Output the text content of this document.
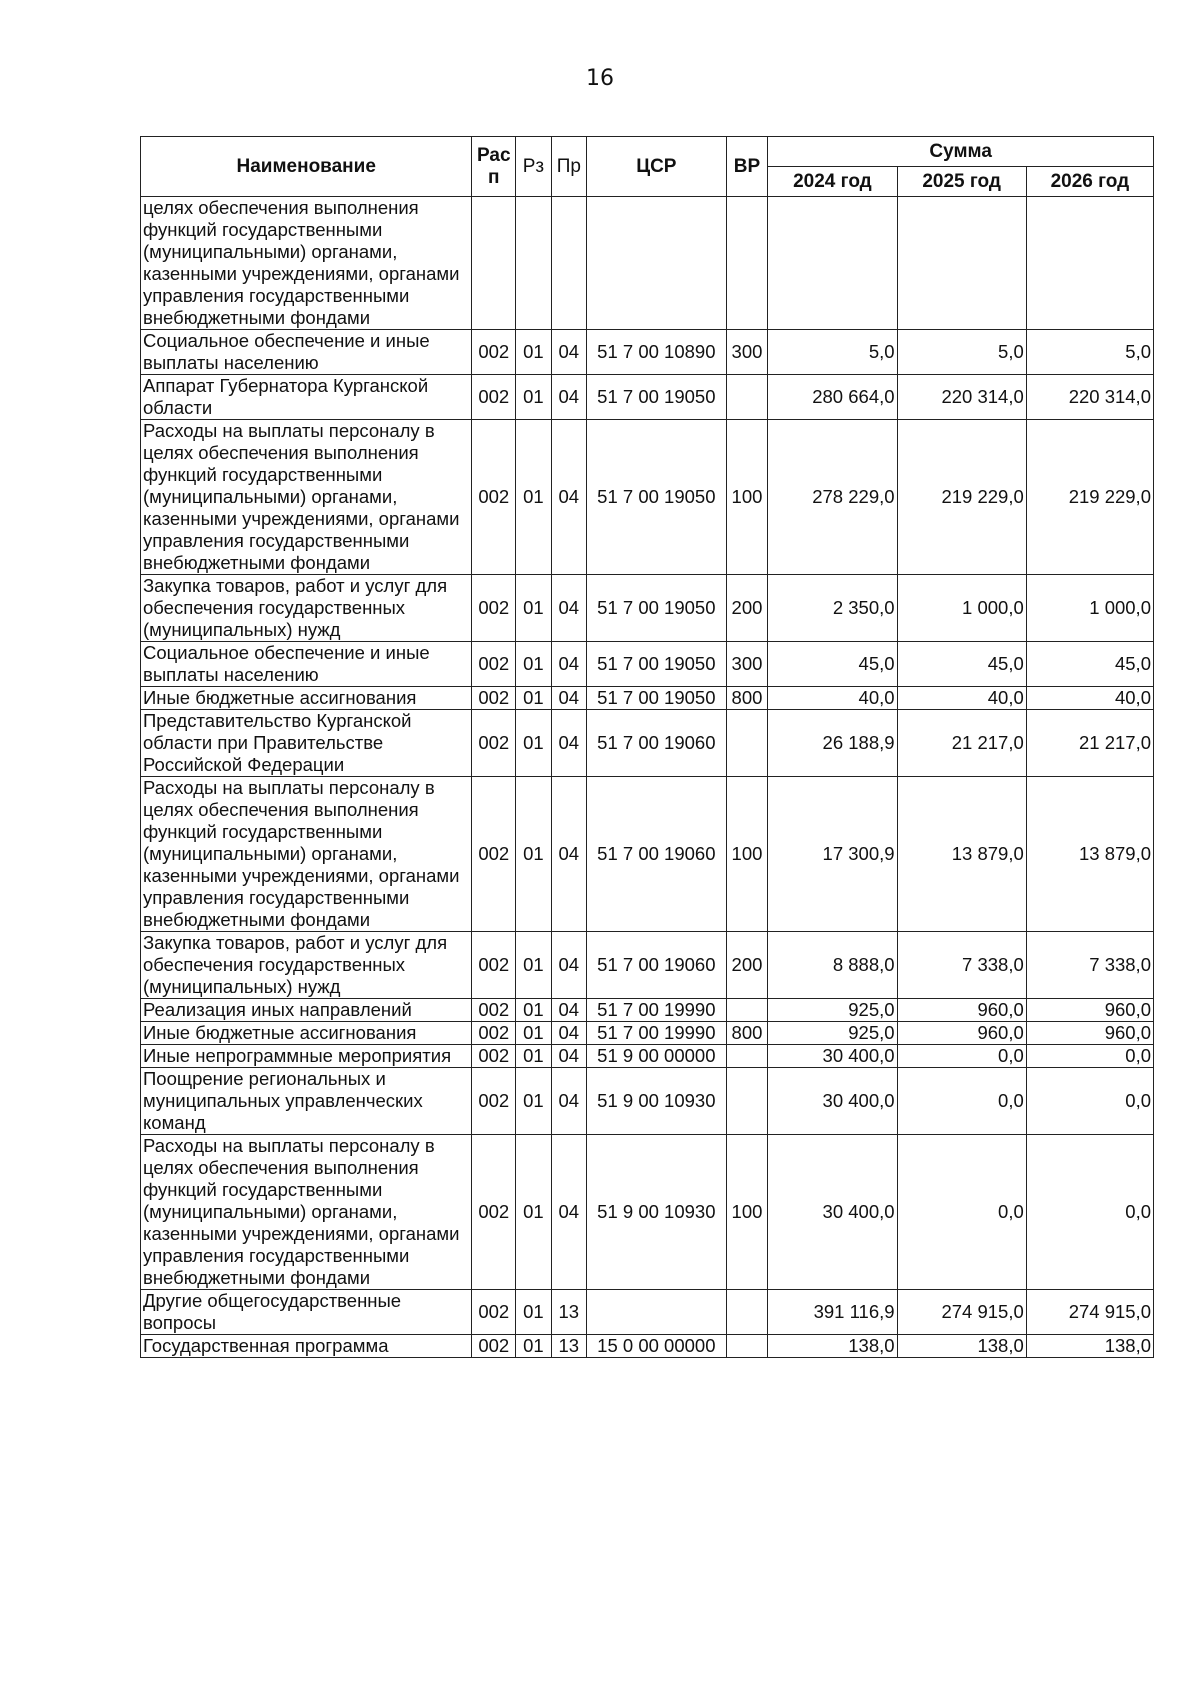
16
Наименование	Рас п	Рз	Пр	ЦСР	ВР	Сумма		
						2024 год	2025 год	2026 год
целях обеспечения выполнения функций государственными (муниципальными) органами, казенными учреждениями, органами управления государственными внебюджетными фондами								
Социальное обеспечение и иные выплаты населению	002	01	04	51 7 00 10890	300	5,0	5,0	5,0
Аппарат Губернатора Курганской области	002	01	04	51 7 00 19050		280 664,0	220 314,0	220 314,0
Расходы на выплаты персоналу в целях обеспечения выполнения функций государственными (муниципальными) органами, казенными учреждениями, органами управления государственными внебюджетными фондами	002	01	04	51 7 00 19050	100	278 229,0	219 229,0	219 229,0
Закупка товаров, работ и услуг для обеспечения государственных (муниципальных) нужд	002	01	04	51 7 00 19050	200	2 350,0	1 000,0	1 000,0
Социальное обеспечение и иные выплаты населению	002	01	04	51 7 00 19050	300	45,0	45,0	45,0
Иные бюджетные ассигнования	002	01	04	51 7 00 19050	800	40,0	40,0	40,0
Представительство Курганской области при Правительстве Российской Федерации	002	01	04	51 7 00 19060		26 188,9	21 217,0	21 217,0
Расходы на выплаты персоналу в целях обеспечения выполнения функций государственными (муниципальными) органами, казенными учреждениями, органами управления государственными внебюджетными фондами	002	01	04	51 7 00 19060	100	17 300,9	13 879,0	13 879,0
Закупка товаров, работ и услуг для обеспечения государственных (муниципальных) нужд	002	01	04	51 7 00 19060	200	8 888,0	7 338,0	7 338,0
Реализация иных направлений	002	01	04	51 7 00 19990		925,0	960,0	960,0
Иные бюджетные ассигнования	002	01	04	51 7 00 19990	800	925,0	960,0	960,0
Иные непрограммные мероприятия	002	01	04	51 9 00 00000		30 400,0	0,0	0,0
Поощрение региональных и муниципальных управленческих команд	002	01	04	51 9 00 10930		30 400,0	0,0	0,0
Расходы на выплаты персоналу в целях обеспечения выполнения функций государственными (муниципальными) органами, казенными учреждениями, органами управления государственными внебюджетными фондами	002	01	04	51 9 00 10930	100	30 400,0	0,0	0,0
Другие общегосударственные вопросы	002	01	13			391 116,9	274 915,0	274 915,0
Государственная программа	002	01	13	15 0 00 00000		138,0	138,0	138,0
